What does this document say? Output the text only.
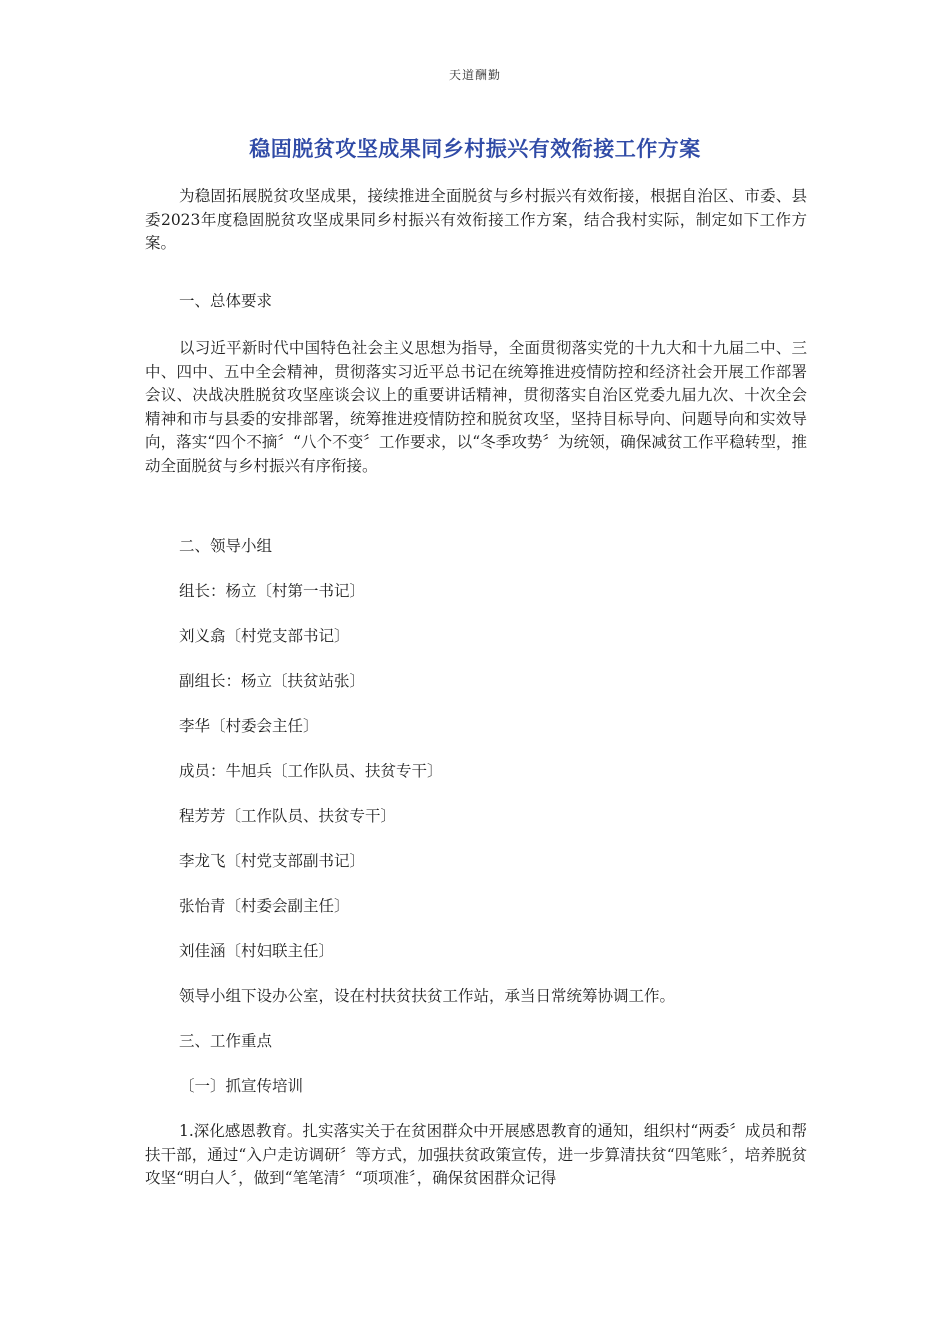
天道酬勤
稳固脱贫攻坚成果同乡村振兴有效衔接工作方案

为稳固拓展脱贫攻坚成果，接续推进全面脱贫与乡村振兴有效衔接，根据自治区、市委、县委2023年度稳固脱贫攻坚成果同乡村振兴有效衔接工作方案，结合我村实际，制定如下工作方案。

一、总体要求

以习近平新时代中国特色社会主义思想为指导，全面贯彻落实党的十九大和十九届二中、三中、四中、五中全会精神，贯彻落实习近平总书记在统筹推进疫情防控和经济社会开展工作部署会议、决战决胜脱贫攻坚座谈会议上的重要讲话精神，贯彻落实自治区党委九届九次、十次全会精神和市与县委的安排部署，统筹推进疫情防控和脱贫攻坚，坚持目标导向、问题导向和实效导向，落实“四个不摘〞“八个不变〞工作要求，以“冬季攻势〞为统领，确保减贫工作平稳转型，推动全面脱贫与乡村振兴有序衔接。

二、领导小组

组长：杨立〔村第一书记〕

刘义翕〔村党支部书记〕

副组长：杨立〔扶贫站张〕

李华〔村委会主任〕

成员：牛旭兵〔工作队员、扶贫专干〕

程芳芳〔工作队员、扶贫专干〕

李龙飞〔村党支部副书记〕

张怡青〔村委会副主任〕

刘佳涵〔村妇联主任〕

领导小组下设办公室，设在村扶贫扶贫工作站，承当日常统筹协调工作。

三、工作重点

〔一〕抓宣传培训

1.深化感恩教育。扎实落实关于在贫困群众中开展感恩教育的通知，组织村“两委〞成员和帮扶干部，通过“入户走访调研〞等方式，加强扶贫政策宣传，进一步算清扶贫“四笔账〞，培养脱贫攻坚“明白人〞，做到“笔笔清〞“项项准〞，确保贫困群众记得
